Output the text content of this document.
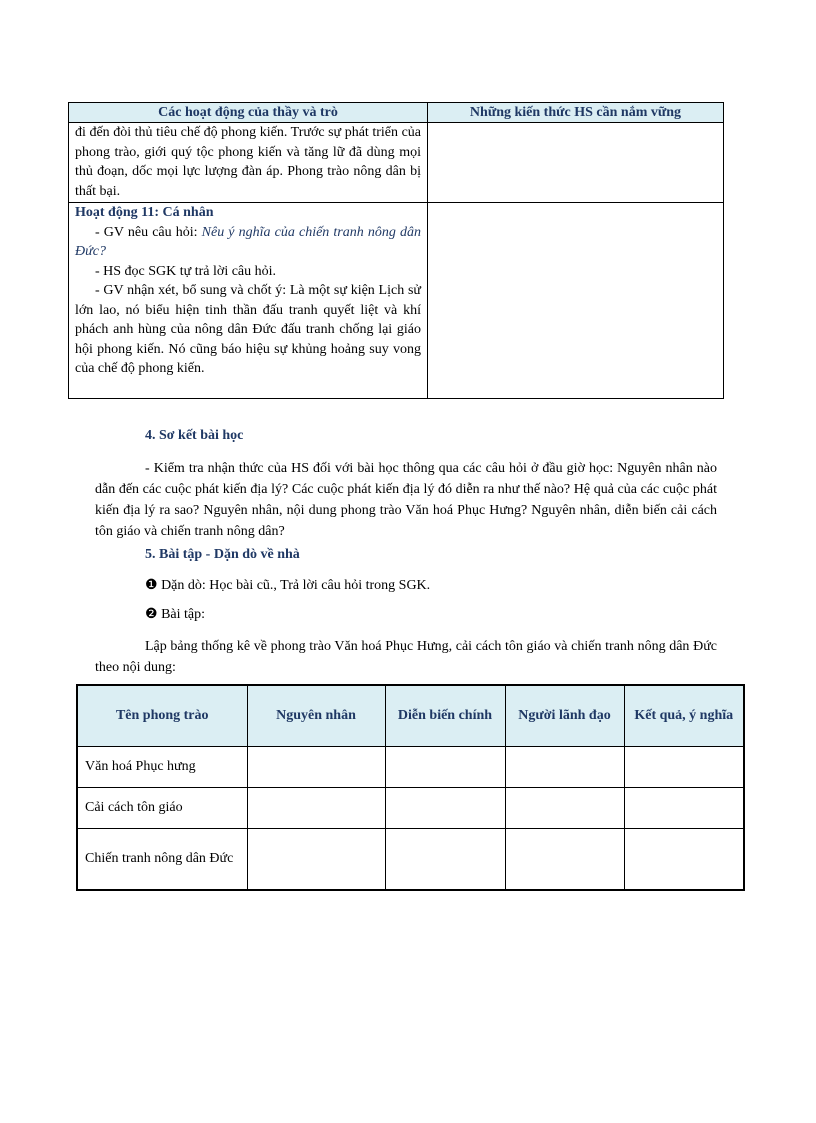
Các hoạt động của thầy và trò	Những kiến thức HS cần nắm vững

đi đến đòi thủ tiêu chế độ phong kiến. Trước sự phát triển của phong trào, giới quý tộc phong kiến và tăng lữ đã dùng mọi thủ đoạn, dốc mọi lực lượng đàn áp. Phong trào nông dân bị thất bại.	

Hoạt động 11: Cá nhân

- GV nêu câu hỏi: Nêu ý nghĩa của chiến tranh nông dân Đức?

- HS đọc SGK tự trả lời câu hỏi.

- GV nhận xét, bổ sung và chốt ý: Là một sự kiện Lịch sử lớn lao, nó biểu hiện tinh thần đấu tranh quyết liệt và khí phách anh hùng của nông dân Đức đấu tranh chống lại giáo hội phong kiến. Nó cũng báo hiệu sự khủng hoảng suy vong của chế độ phong kiến.	

4. Sơ kết bài học
- Kiểm tra nhận thức của HS đối với bài học thông qua các câu hỏi ở đầu giờ học: Nguyên nhân nào dẫn đến các cuộc phát kiến địa lý? Các cuộc phát kiến địa lý đó diễn ra như thế nào? Hệ quả của các cuộc phát kiến địa lý ra sao? Nguyên nhân, nội dung phong trào Văn hoá Phục Hưng? Nguyên nhân, diễn biến cải cách tôn giáo và chiến tranh nông dân?
5. Bài tập - Dặn dò về nhà
❶ Dặn dò: Học bài cũ., Trả lời câu hỏi trong SGK.
❷ Bài tập:
Lập bảng thống kê về phong trào Văn hoá Phục Hưng, cải cách tôn giáo và chiến tranh nông dân Đức theo nội dung:
Tên phong trào	Nguyên nhân	Diễn biến chính	Người lãnh đạo	Kết quả, ý nghĩa
Văn hoá Phục hưng				
Cải cách tôn giáo				
Chiến tranh nông dân Đức				
